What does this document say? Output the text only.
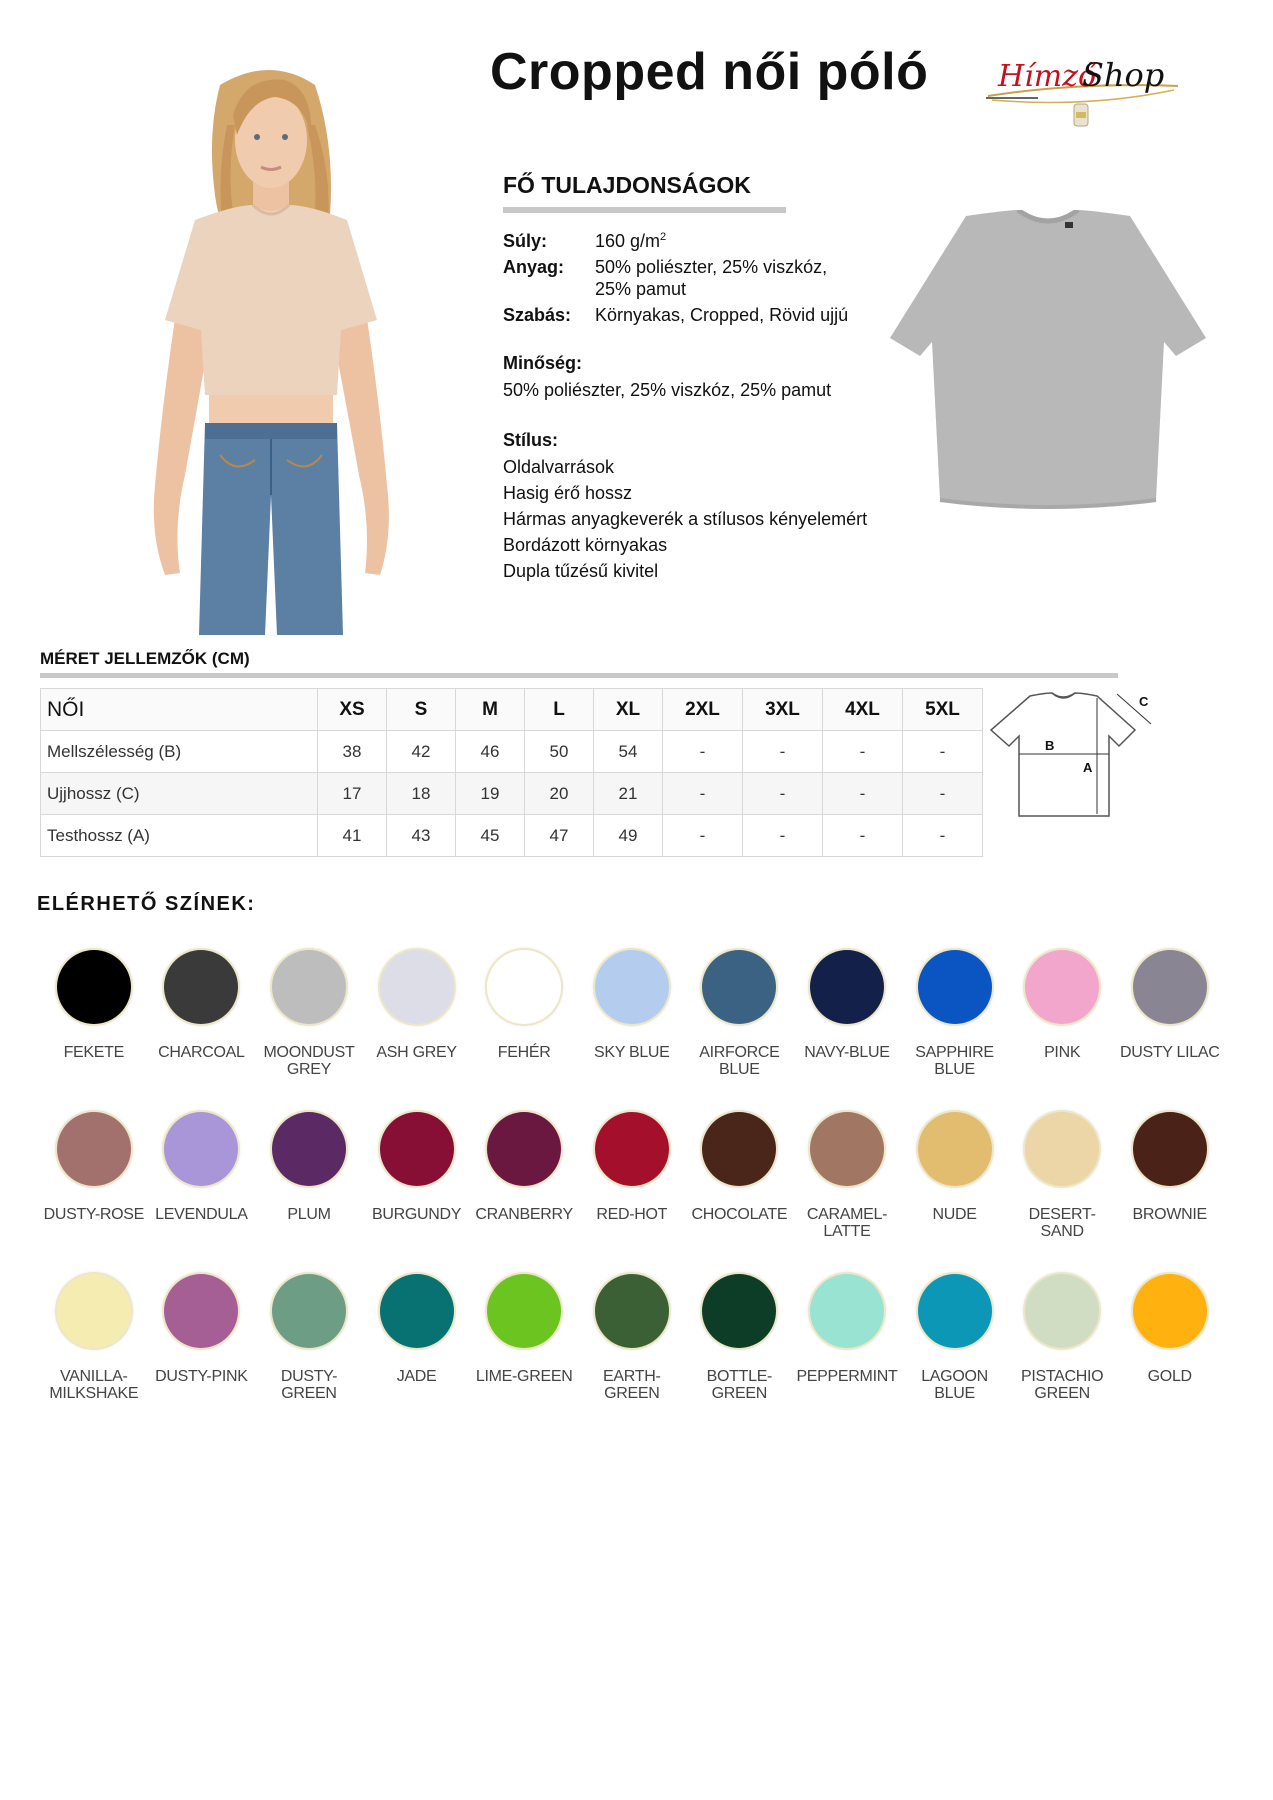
Cropped női póló Hímző
Shop
FŐ TULAJDONSÁGOK
Súly:	160 $g/m^2$
Anyag:	50% poliészter, 25% viszkóz,
25% pamut
Szabás:	Környakas, Cropped, Rövid ujjú
Minőség:
50% poliészter, 25% viszkóz, 25% pamut
Stílus:
Oldalvarrások
Hasig érő hossz
Hármas anyagkeverék a stílusos kényelemért
Bordázott környakas
Dupla tűzésű kivitel
MÉRET JELLEMZŐK (CM)
NŐI	XS	S	M	L	XL	2XL	3XL	4XL	5XL
Mellszélesség (B)	38	42	46	50	54	-	-	-	-
Ujjhossz (C)	17	18	19	20	21	-	-	-	-
Testhossz (A)	41	43	45	47	49	-	-	-	-
B
A
C
ELÉRHETŐ SZÍNEK:
FEKETE CHARCOAL MOONDUST
GREY
ASH GREY	FEHÉR	SKY BLUE AIRFORCE
BLUE
NAVY-BLUE SAPPHIRE
BLUE
PINK DUSTY LILAC
DUSTY-ROSE LEVENDULA PLUM	BURGUNDY CRANBERRY RED-HOT CHOCOLATE CARAMEL-
LATTE
NUDE	DESERT-
SAND
BROWNIE
VANILLA-
MILKSHAKE
DUSTY-PINK DUSTY-
GREEN
JADE LIME-GREEN EARTH-
GREEN
BOTTLE-
GREEN
PEPPERMINT LAGOON
BLUE
PISTACHIO
GREEN
GOLD
